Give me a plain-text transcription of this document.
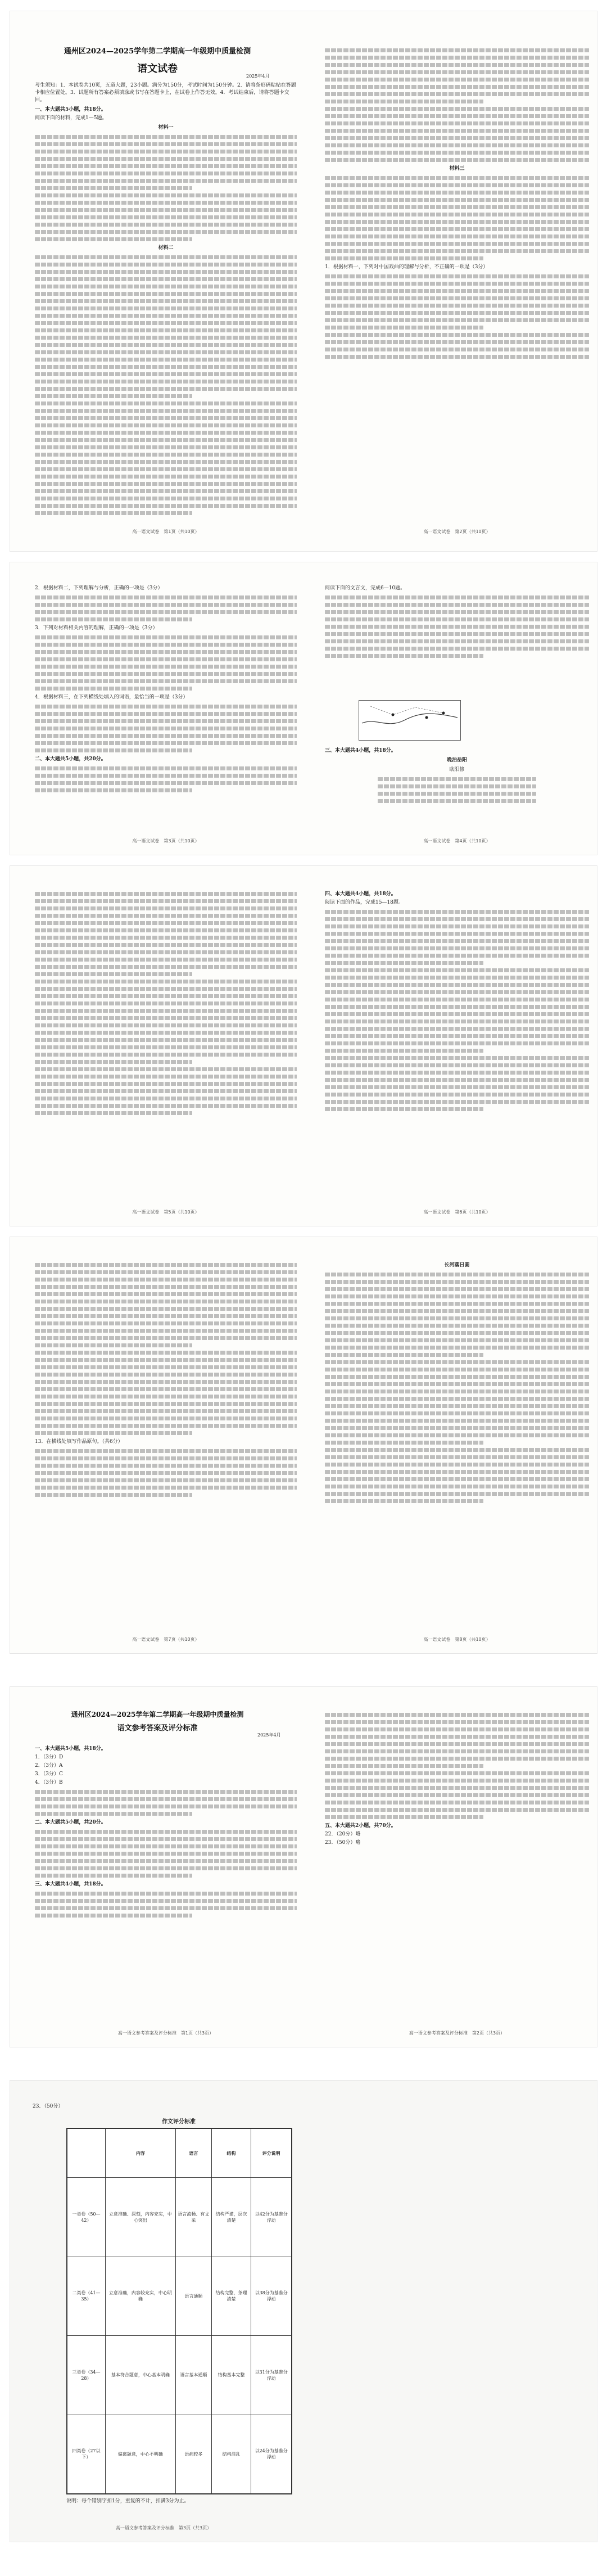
通州区2024—2025学年第二学期高一年级期中质量检测
语文试卷
2025年4月

考生须知：1．本试卷共10页，五道大题，23小题。满分为150分，考试时间为150分钟。2．请将条形码粘贴在答题卡相应位置处。3．试题所有答案必须填涂或书写在答题卡上，在试卷上作答无效。4．考试结束后，请将答题卡交回。

一、本大题共5小题，共18分。

阅读下面的材料，完成1—5题。

材料一

材料二

高一语文试卷　第1页（共10页）

材料三

1．根据材料一，下列对中国戏曲的理解与分析，不正确的一项是（3分）

高一语文试卷　第2页（共10页）

2．根据材料二，下列理解与分析，正确的一项是（3分）

3．下列对材料相关内容的理解，正确的一项是（3分）

4．根据材料三，在下列横线处填入的词语，最恰当的一项是（3分）

二、本大题共5小题，共20分。

高一语文试卷　第3页（共10页）

阅读下面的文言文，完成6—10题。

三、本大题共4小题，共18分。

晚泊岳阳

欧阳修

高一语文试卷　第4页（共10页）
高一语文试卷　第5页（共10页）

四、本大题共4小题，共18分。

阅读下面的作品，完成15—18题。

高一语文试卷　第6页（共10页）

13．在横线处填写作品原句。（共6分）

高一语文试卷　第7页（共10页）

长河落日圆

高一语文试卷　第8页（共10页）
通州区2024—2025学年第二学期高一年级期中质量检测
语文参考答案及评分标准
2025年4月

一、本大题共5小题，共18分。

1．（3分）D

2．（3分）A

3．（3分）C

4．（3分）B

二、本大题共5小题，共20分。

三、本大题共4小题，共18分。

高一语文参考答案及评分标准　第1页（共3页）

五、本大题共2小题，共70分。

22．（20分）略

23．（50分）略

高一语文参考答案及评分标准　第2页（共3页）

23．（50分）

作文评分标准
	内容	语言	结构	评分说明
一类卷（50—42）	立意准确、深刻，内容充实，中心突出	语言流畅、有文采	结构严谨，层次清楚	以42分为基准分浮动
二类卷（41—35）	立意准确，内容较充实，中心明确	语言通顺	结构完整，条理清楚	以38分为基准分浮动
三类卷（34—28）	基本符合题意，中心基本明确	语言基本通顺	结构基本完整	以31分为基准分浮动
四类卷（27以下）	偏离题意，中心不明确	语病较多	结构混乱	以24分为基准分浮动

说明：每个错别字扣1分，重复的不计，扣满3分为止。

高一语文参考答案及评分标准　第3页（共3页）
